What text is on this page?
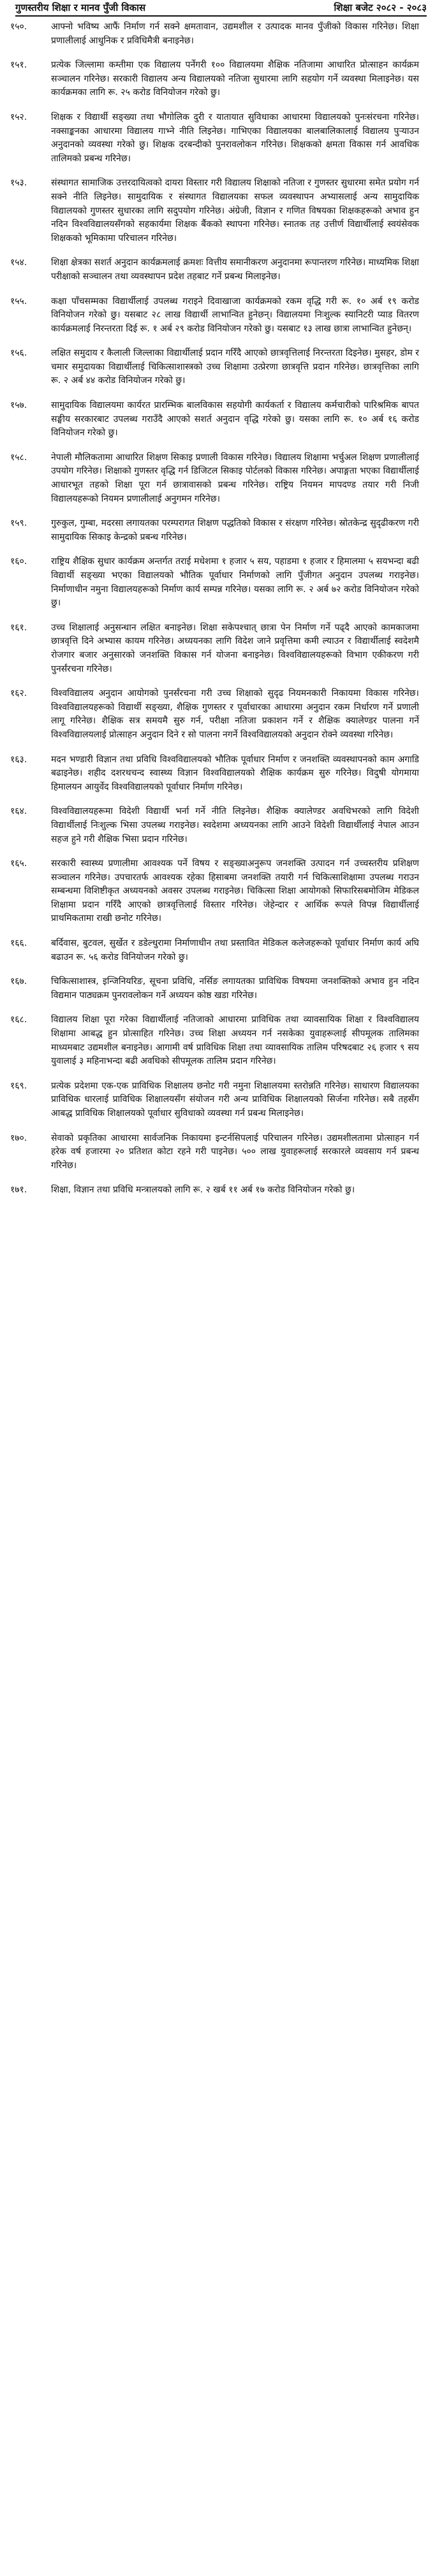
गुणस्तरीय शिक्षा र मानव पुँजी विकास	शिक्षा बजेट २०८२ - २०८३
१५०.	आफ्नो भविष्य आफैं निर्माण गर्न सक्ने क्षमतावान, उद्यमशील र उत्पादक मानव पुँजीको विकास गरिनेछ। शिक्षा प्रणालीलाई आधुनिक र प्रविधिमैत्री बनाइनेछ।
१५१.	प्रत्येक जिल्लामा कम्तीमा एक विद्यालय पर्नेगरी १०० विद्यालयमा शैक्षिक नतिजामा आधारित प्रोत्साहन कार्यक्रम सञ्चालन गरिनेछ। सरकारी विद्यालय अन्य विद्यालयको नतिजा सुधारमा लागि सहयोग गर्ने व्यवस्था मिलाइनेछ। यस कार्यक्रमका लागि रू. २५ करोड विनियोजन गरेको छु।
१५२.	शिक्षक र विद्यार्थी सङ्ख्या तथा भौगोलिक दुरी र यातायात सुविधाका आधारमा विद्यालयको पुनःसंरचना गरिनेछ। नक्साङ्कनका आधारमा विद्यालय गाभ्ने नीति लिइनेछ। गाभिएका विद्यालयका बालबालिकालाई विद्यालय पुर्‍याउन अनुदानको व्यवस्था गरेको छु। शिक्षक दरबन्दीको पुनरावलोकन गरिनेछ। शिक्षकको क्षमता विकास गर्न आवधिक तालिमको प्रबन्ध गरिनेछ।
१५३.	संस्थागत सामाजिक उत्तरदायित्वको दायरा विस्तार गरी विद्यालय शिक्षाको नतिजा र गुणस्तर सुधारमा समेत प्रयोग गर्न सक्ने नीति लिइनेछ। सामुदायिक र संस्थागत विद्यालयका सफल व्यवस्थापन अभ्यासलाई अन्य सामुदायिक विद्यालयको गुणस्तर सुधारका लागि सदुपयोग गरिनेछ। अंग्रेजी, विज्ञान र गणित विषयका शिक्षकहरूको अभाव हुन नदिन विश्वविद्यालयसँगको सहकार्यमा शिक्षक बैंकको स्थापना गरिनेछ। स्नातक तह उत्तीर्ण विद्यार्थीलाई स्वयंसेवक शिक्षकको भूमिकामा परिचालन गरिनेछ।
१५४.	शिक्षा क्षेत्रका सशर्त अनुदान कार्यक्रमलाई क्रमशः वित्तीय समानीकरण अनुदानमा रूपान्तरण गरिनेछ। माध्यमिक शिक्षा परीक्षाको सञ्चालन तथा व्यवस्थापन प्रदेश तहबाट गर्ने प्रबन्ध मिलाइनेछ।
१५५.	कक्षा पाँचसम्मका विद्यार्थीलाई उपलब्ध गराइने दिवाखाजा कार्यक्रमको रकम वृद्धि गरी रू. १० अर्ब १९ करोड विनियोजन गरेको छु। यसबाट २८ लाख विद्यार्थी लाभान्वित हुनेछन्। विद्यालयमा निःशुल्क स्यानिटरी प्याड वितरण कार्यक्रमलाई निरन्तरता दिई रू. १ अर्ब २९ करोड विनियोजन गरेको छु। यसबाट १३ लाख छात्रा लाभान्वित हुनेछन्।
१५६.	लक्षित समुदाय र कैलाली जिल्लाका विद्यार्थीलाई प्रदान गरिँदै आएको छात्रवृत्तिलाई निरन्तरता दिइनेछ। मुसहर, डोम र चमार समुदायका विद्यार्थीलाई चिकित्साशास्त्रको उच्च शिक्षामा उत्प्रेरणा छात्रवृत्ति प्रदान गरिनेछ। छात्रवृत्तिका लागि रू. २ अर्ब ४४ करोड विनियोजन गरेको छु।
१५७.	सामुदायिक विद्यालयमा कार्यरत प्रारम्भिक बालविकास सहयोगी कार्यकर्ता र विद्यालय कर्मचारीको पारिश्रमिक बापत सङ्घीय सरकारबाट उपलब्ध गराउँदै आएको सशर्त अनुदान वृद्धि गरेको छु। यसका लागि रू. १० अर्ब १६ करोड विनियोजन गरेको छु।
१५८.	नेपाली मौलिकतामा आधारित शिक्षण सिकाइ प्रणाली विकास गरिनेछ। विद्यालय शिक्षामा भर्चुअल शिक्षण प्रणालीलाई उपयोग गरिनेछ। शिक्षाको गुणस्तर वृद्धि गर्न डिजिटल सिकाइ पोर्टलको विकास गरिनेछ। अपाङ्गता भएका विद्यार्थीलाई आधारभूत तहको शिक्षा पूरा गर्न छात्रावासको प्रबन्ध गरिनेछ। राष्ट्रिय नियमन मापदण्ड तयार गरी निजी विद्यालयहरूको नियमन प्रणालीलाई अनुगमन गरिनेछ।
१५९.	गुरुकुल, गुम्बा, मदरसा लगायतका परम्परागत शिक्षण पद्धतिको विकास र संरक्षण गरिनेछ। स्रोतकेन्द्र सुदृढीकरण गरी सामुदायिक सिकाइ केन्द्रको प्रबन्ध गरिनेछ।
१६०.	राष्ट्रिय शैक्षिक सुधार कार्यक्रम अन्तर्गत तराई मधेशमा १ हजार ५ सय, पहाडमा १ हजार र हिमालमा ५ सयभन्दा बढी विद्यार्थी सङ्ख्या भएका विद्यालयको भौतिक पूर्वाधार निर्माणको लागि पुँजीगत अनुदान उपलब्ध गराइनेछ। निर्माणाधीन नमुना विद्यालयहरूको निर्माण कार्य सम्पन्न गरिनेछ। यसका लागि रू. २ अर्ब ७२ करोड विनियोजन गरेको छु।
१६१.	उच्च शिक्षालाई अनुसन्धान लक्षित बनाइनेछ। शिक्षा सकेपश्चात् छात्रा पेन निर्माण गर्ने पढ्दै आएको कामकाजमा छात्रवृत्ति दिने अभ्यास कायम गरिनेछ। अध्ययनका लागि विदेश जाने प्रवृत्तिमा कमी ल्याउन र विद्यार्थीलाई स्वदेशमै रोजगार बजार अनुसारको जनशक्ति विकास गर्न योजना बनाइनेछ। विश्वविद्यालयहरूको विभाग एकीकरण गरी पुनर्संरचना गरिनेछ।
१६२.	विश्वविद्यालय अनुदान आयोगको पुनर्संरचना गरी उच्च शिक्षाको सुदृढ नियमनकारी निकायमा विकास गरिनेछ। विश्वविद्यालयहरूको विद्यार्थी सङ्ख्या, शैक्षिक गुणस्तर र पूर्वाधारका आधारमा अनुदान रकम निर्धारण गर्ने प्रणाली लागू गरिनेछ। शैक्षिक सत्र समयमै सुरु गर्न, परीक्षा नतिजा प्रकाशन गर्ने र शैक्षिक क्यालेण्डर पालना गर्ने विश्वविद्यालयलाई प्रोत्साहन अनुदान दिने र सो पालना नगर्ने विश्वविद्यालयको अनुदान रोक्ने व्यवस्था गरिनेछ।
१६३.	मदन भण्डारी विज्ञान तथा प्रविधि विश्वविद्यालयको भौतिक पूर्वाधार निर्माण र जनशक्ति व्यवस्थापनको काम अगाडि बढाइनेछ। शहीद दशरथचन्द स्वास्थ्य विज्ञान विश्वविद्यालयको शैक्षिक कार्यक्रम सुरु गरिनेछ। विदुषी योगमाया हिमालयन आयुर्वेद विश्वविद्यालयको पूर्वाधार निर्माण गरिनेछ।
१६४.	विश्वविद्यालयहरूमा विदेशी विद्यार्थी भर्ना गर्ने नीति लिइनेछ। शैक्षिक क्यालेण्डर अवधिभरको लागि विदेशी विद्यार्थीलाई निःशुल्क भिसा उपलब्ध गराइनेछ। स्वदेशमा अध्ययनका लागि आउने विदेशी विद्यार्थीलाई नेपाल आउन सहज हुने गरी शैक्षिक भिसा प्रदान गरिनेछ।
१६५.	सरकारी स्वास्थ्य प्रणालीमा आवश्यक पर्ने विषय र सङ्ख्याअनुरूप जनशक्ति उत्पादन गर्न उच्चस्तरीय प्रशिक्षण सञ्चालन गरिनेछ। उपचारतर्फ आवश्यक रहेका हिसाबमा जनशक्ति तयारी गर्न चिकित्साशिक्षामा उपलब्ध गराउन सम्बन्धमा विशिष्टीकृत अध्ययनको अवसर उपलब्ध गराइनेछ। चिकित्सा शिक्षा आयोगको सिफारिसबमोजिम मेडिकल शिक्षामा प्रदान गरिँदै आएको छात्रवृत्तिलाई विस्तार गरिनेछ। जेहेन्दार र आर्थिक रूपले विपन्न विद्यार्थीलाई प्राथमिकतामा राखी छनोट गरिनेछ।
१६६.	बर्दिवास, बुटवल, सुर्खेत र डडेल्धुरामा निर्माणाधीन तथा प्रस्तावित मेडिकल कलेजहरूको पूर्वाधार निर्माण कार्य अघि बढाउन रू. ५६ करोड विनियोजन गरेको छु।
१६७.	चिकित्साशास्त्र, इन्जिनियरिङ, सूचना प्रविधि, नर्सिङ लगायतका प्राविधिक विषयमा जनशक्तिको अभाव हुन नदिन विद्यमान पाठ्यक्रम पुनरावलोकन गर्ने अध्ययन कोष्ठ खडा गरिनेछ।
१६८.	विद्यालय शिक्षा पूरा गरेका विद्यार्थीलाई नतिजाको आधारमा प्राविधिक तथा व्यावसायिक शिक्षा र विश्वविद्यालय शिक्षामा आबद्ध हुन प्रोत्साहित गरिनेछ। उच्च शिक्षा अध्ययन गर्न नसकेका युवाहरूलाई सीपमूलक तालिमका माध्यमबाट उद्यमशील बनाइनेछ। आगामी वर्ष प्राविधिक शिक्षा तथा व्यावसायिक तालिम परिषदबाट २६ हजार ९ सय युवालाई ३ महिनाभन्दा बढी अवधिको सीपमूलक तालिम प्रदान गरिनेछ।
१६९.	प्रत्येक प्रदेशमा एक-एक प्राविधिक शिक्षालय छनोट गरी नमुना शिक्षालयमा स्तरोन्नति गरिनेछ। साधारण विद्यालयका प्राविधिक धारलाई प्राविधिक शिक्षालयसँग संयोजन गरी अन्य प्राविधिक शिक्षालयको सिर्जना गरिनेछ। सबै तहसँग आबद्ध प्राविधिक शिक्षालयको पूर्वाधार सुविधाको व्यवस्था गर्न प्रबन्ध मिलाइनेछ।
१७०.	सेवाको प्रकृतिका आधारमा सार्वजनिक निकायमा इन्टर्नसिपलाई परिचालन गरिनेछ। उद्यमशीलतामा प्रोत्साहन गर्न हरेक वर्ष हजारमा २० प्रतिशत कोटा रहने गरी पाइनेछ। ५०० लाख युवाहरूलाई सरकारले व्यवसाय गर्न प्रबन्ध गरिनेछ।
१७१.	शिक्षा, विज्ञान तथा प्रविधि मन्त्रालयको लागि रू. २ खर्ब ११ अर्ब १७ करोड विनियोजन गरेको छु।
